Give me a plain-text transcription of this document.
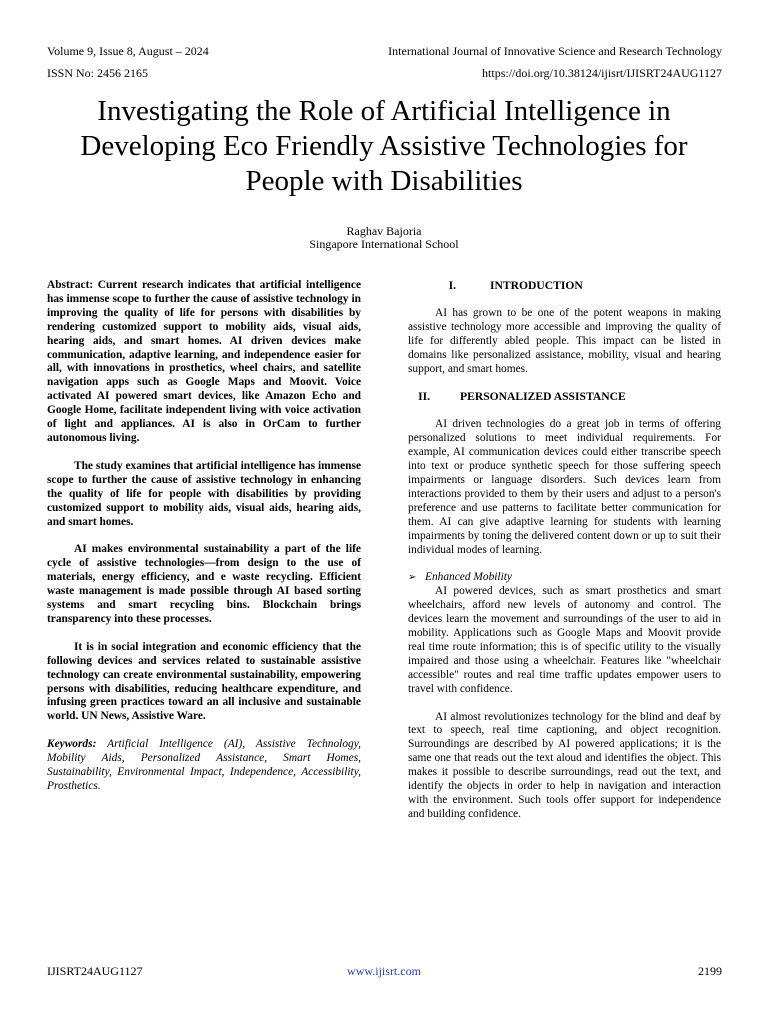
Volume 9, Issue 8, August – 2024	International Journal of Innovative Science and Research Technology
ISSN No: 2456 2165	https://doi.org/10.38124/ijisrt/IJISRT24AUG1127
Investigating the Role of Artificial Intelligence in Developing Eco Friendly Assistive Technologies for People with Disabilities
Raghav Bajoria
Singapore International School

Abstract: Current research indicates that artificial intelligence has immense scope to further the cause of assistive technology in improving the quality of life for persons with disabilities by rendering customized support to mobility aids, visual aids, hearing aids, and smart homes. AI driven devices make communication, adaptive learning, and independence easier for all, with innovations in prosthetics, wheel chairs, and satellite navigation apps such as Google Maps and Moovit. Voice activated AI powered smart devices, like Amazon Echo and Google Home, facilitate independent living with voice activation of light and appliances. AI is also in OrCam to further autonomous living.

The study examines that artificial intelligence has immense scope to further the cause of assistive technology in enhancing the quality of life for people with disabilities by providing customized support to mobility aids, visual aids, hearing aids, and smart homes.

AI makes environmental sustainability a part of the life cycle of assistive technologies—from design to the use of materials, energy efficiency, and e waste recycling. Efficient waste management is made possible through AI based sorting systems and smart recycling bins. Blockchain brings transparency into these processes.

It is in social integration and economic efficiency that the following devices and services related to sustainable assistive technology can create environmental sustainability, empowering persons with disabilities, reducing healthcare expenditure, and infusing green practices toward an all inclusive and sustainable world. UN News, Assistive Ware.

Keywords: Artificial Intelligence (AI), Assistive Technology, Mobility Aids, Personalized Assistance, Smart Homes, Sustainability, Environmental Impact, Independence, Accessibility, Prosthetics.

I.	INTRODUCTION

AI has grown to be one of the potent weapons in making assistive technology more accessible and improving the quality of life for differently abled people. This impact can be listed in domains like personalized assistance, mobility, visual and hearing support, and smart homes.

II.	PERSONALIZED ASSISTANCE

AI driven technologies do a great job in terms of offering personalized solutions to meet individual requirements. For example, AI communication devices could either transcribe speech into text or produce synthetic speech for those suffering speech impairments or language disorders. Such devices learn from interactions provided to them by their users and adjust to a person's preference and use patterns to facilitate better communication for them. AI can give adaptive learning for students with learning impairments by toning the delivered content down or up to suit their individual modes of learning.

➢ Enhanced Mobility

AI powered devices, such as smart prosthetics and smart wheelchairs, afford new levels of autonomy and control. The devices learn the movement and surroundings of the user to aid in mobility. Applications such as Google Maps and Moovit provide real time route information; this is of specific utility to the visually impaired and those using a wheelchair. Features like "wheelchair accessible" routes and real time traffic updates empower users to travel with confidence.

AI almost revolutionizes technology for the blind and deaf by text to speech, real time captioning, and object recognition. Surroundings are described by AI powered applications; it is the same one that reads out the text aloud and identifies the object. This makes it possible to describe surroundings, read out the text, and identify the objects in order to help in navigation and interaction with the environment. Such tools offer support for independence and building confidence.

IJISRT24AUG1127	www.ijisrt.com	2199
